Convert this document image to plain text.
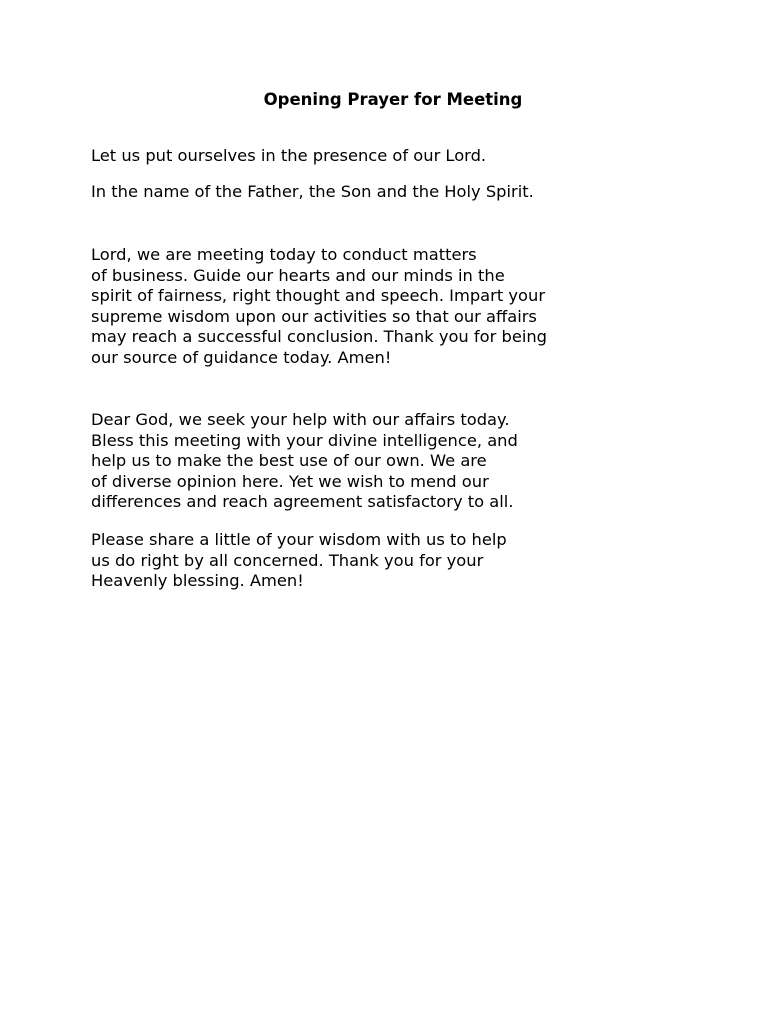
Opening Prayer for Meeting
Let us put ourselves in the presence of our Lord.
In the name of the Father, the Son and the Holy Spirit.
Lord, we are meeting today to conduct matters
of business. Guide our hearts and our minds in the
spirit of fairness, right thought and speech. Impart your
supreme wisdom upon our activities so that our affairs
may reach a successful conclusion. Thank you for being
our source of guidance today. Amen!
Dear God, we seek your help with our affairs today.
Bless this meeting with your divine intelligence, and
help us to make the best use of our own. We are
of diverse opinion here. Yet we wish to mend our
differences and reach agreement satisfactory to all.
Please share a little of your wisdom with us to help
us do right by all concerned. Thank you for your
Heavenly blessing. Amen!
